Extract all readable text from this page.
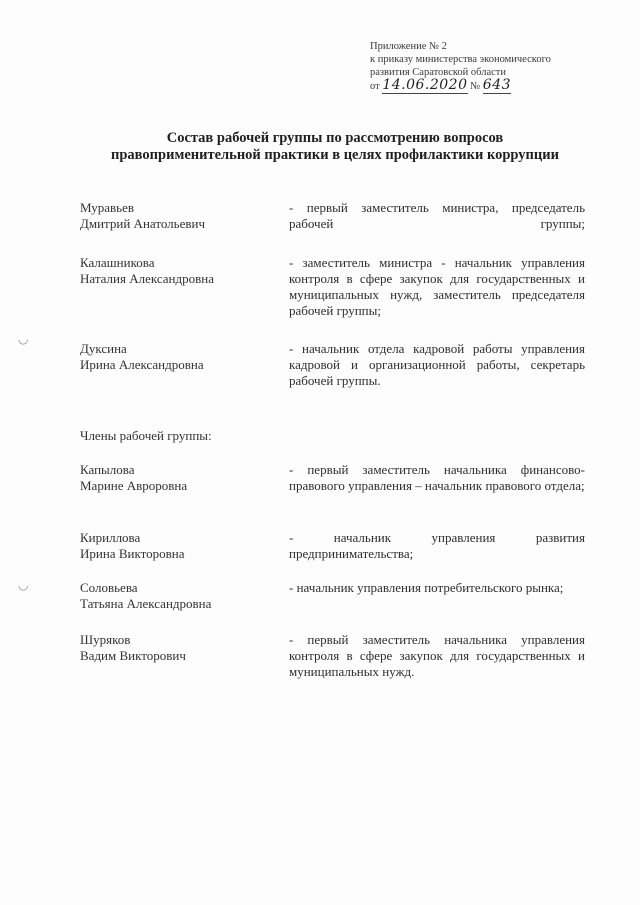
Приложение № 2
к приказу министерства экономического
развития Саратовской области
от 14.06.2020 № 643
Состав рабочей группы по рассмотрению вопросов
правоприменительной практики в целях профилактики коррупции
Муравьев
Дмитрий Анатольевич
- первый заместитель министра, председатель рабочей группы;
Калашникова
Наталия Александровна
- заместитель министра - начальник управления контроля в сфере закупок для государственных и муниципальных нужд, заместитель председателя рабочей группы;
Дуксина
Ирина Александровна
- начальник отдела кадровой работы управления кадровой и организационной работы, секретарь рабочей группы.
Члены рабочей группы:
Капылова
Марине Авроровна
- первый заместитель начальника финансово-правового управления – начальник правового отдела;
Кириллова
Ирина Викторовна
- начальник управления развития предпринимательства;
Соловьева
Татьяна Александровна
- начальник управления потребительского рынка;
Шуряков
Вадим Викторович
- первый заместитель начальника управления контроля в сфере закупок для государственных и муниципальных нужд.
◡
◡
